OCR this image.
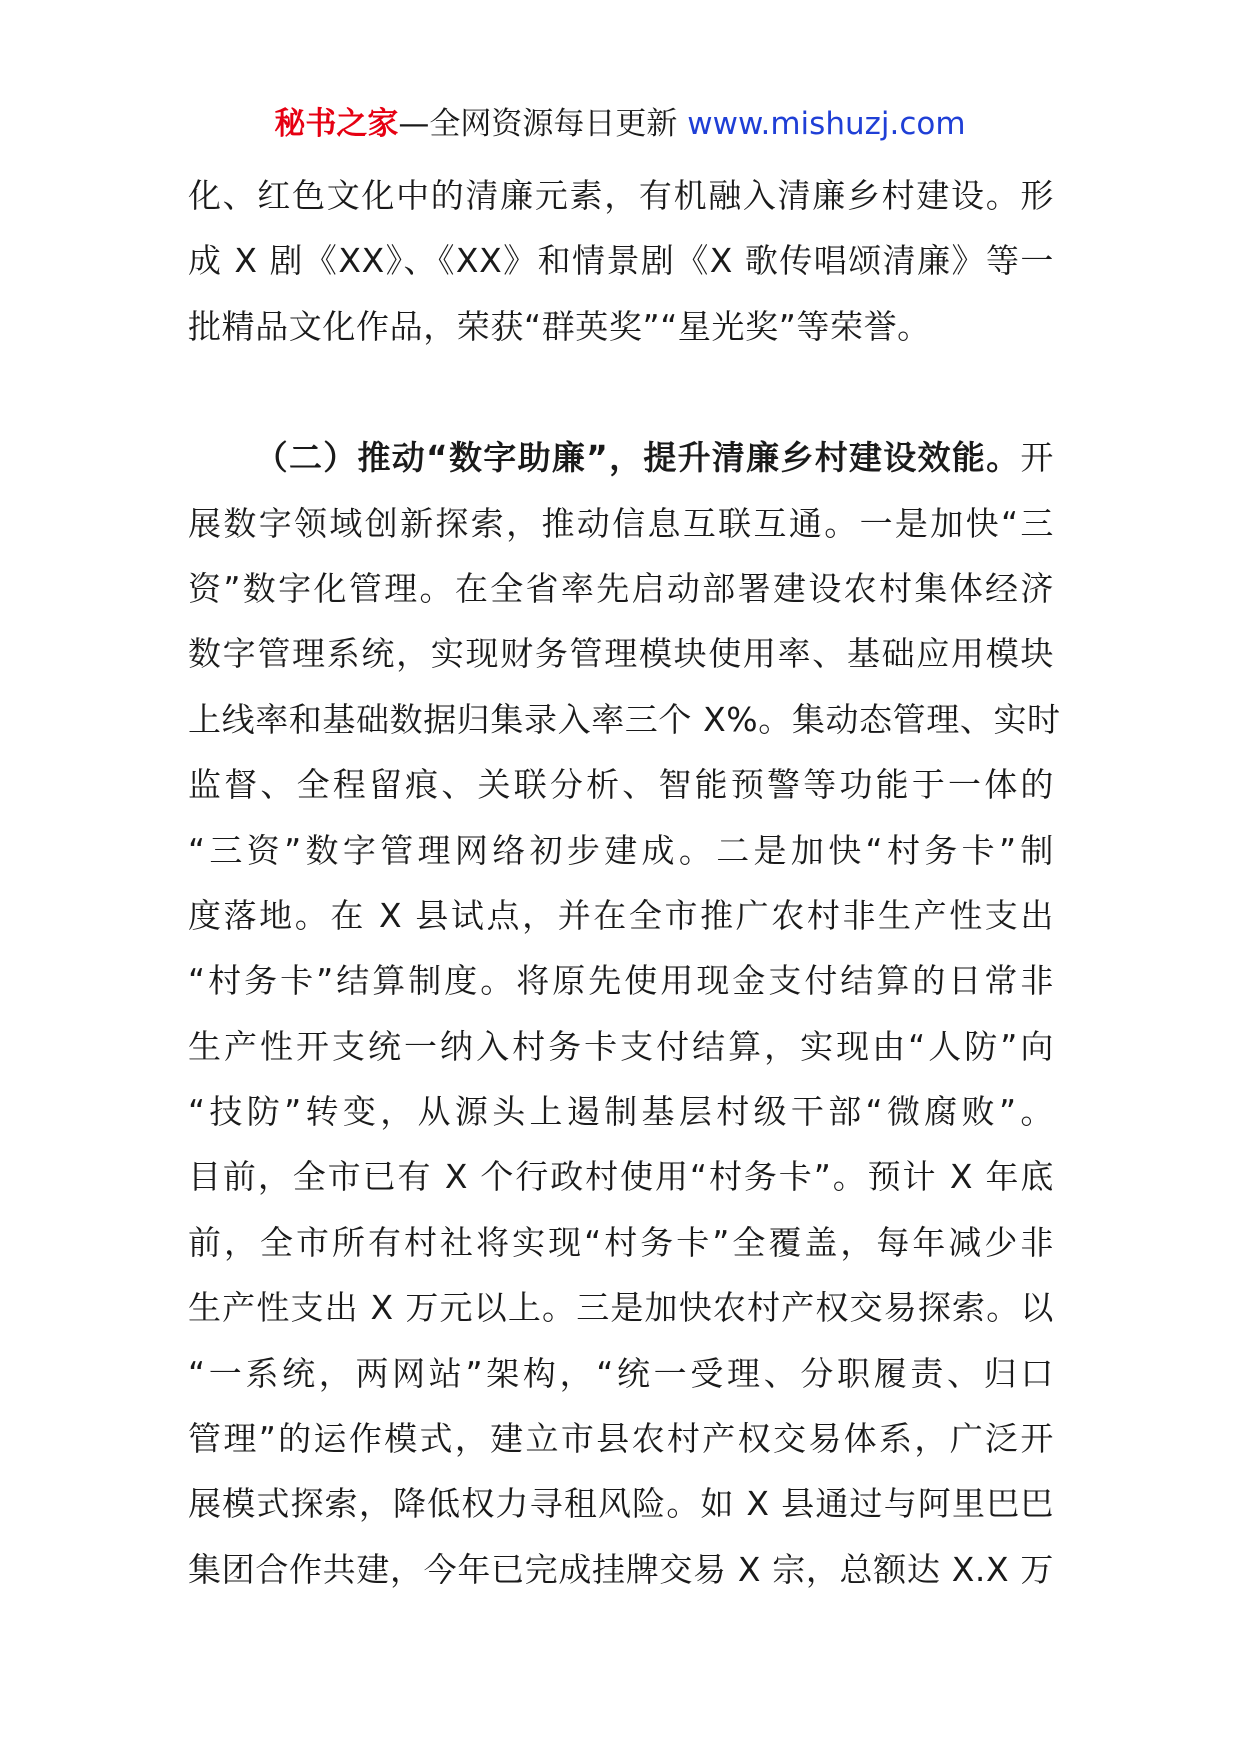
秘书之家—全网资源每日更新 www.mishuzj.com
化、红色文化中的清廉元素，有机融入清廉乡村建设。形
成 X 剧《XX》、《XX》和情景剧《X 歌传唱颂清廉》等一
批精品文化作品，荣获“群英奖”“星光奖”等荣誉。
（二）推动“数字助廉”，提升清廉乡村建设效能。开
展数字领域创新探索，推动信息互联互通。一是加快“三
资”数字化管理。在全省率先启动部署建设农村集体经济
数字管理系统，实现财务管理模块使用率、基础应用模块
上线率和基础数据归集录入率三个 X%。集动态管理、实时
监督、全程留痕、关联分析、智能预警等功能于一体的
“三资”数字管理网络初步建成。二是加快“村务卡”制
度落地。在 X 县试点，并在全市推广农村非生产性支出
“村务卡”结算制度。将原先使用现金支付结算的日常非
生产性开支统一纳入村务卡支付结算，实现由“人防”向
“技防”转变，从源头上遏制基层村级干部“微腐败”。
目前，全市已有 X 个行政村使用“村务卡”。预计 X 年底
前，全市所有村社将实现“村务卡”全覆盖，每年减少非
生产性支出 X 万元以上。三是加快农村产权交易探索。以
“一系统，两网站”架构，“统一受理、分职履责、归口
管理”的运作模式，建立市县农村产权交易体系，广泛开
展模式探索，降低权力寻租风险。如 X 县通过与阿里巴巴
集团合作共建，今年已完成挂牌交易 X 宗，总额达 X.X 万
